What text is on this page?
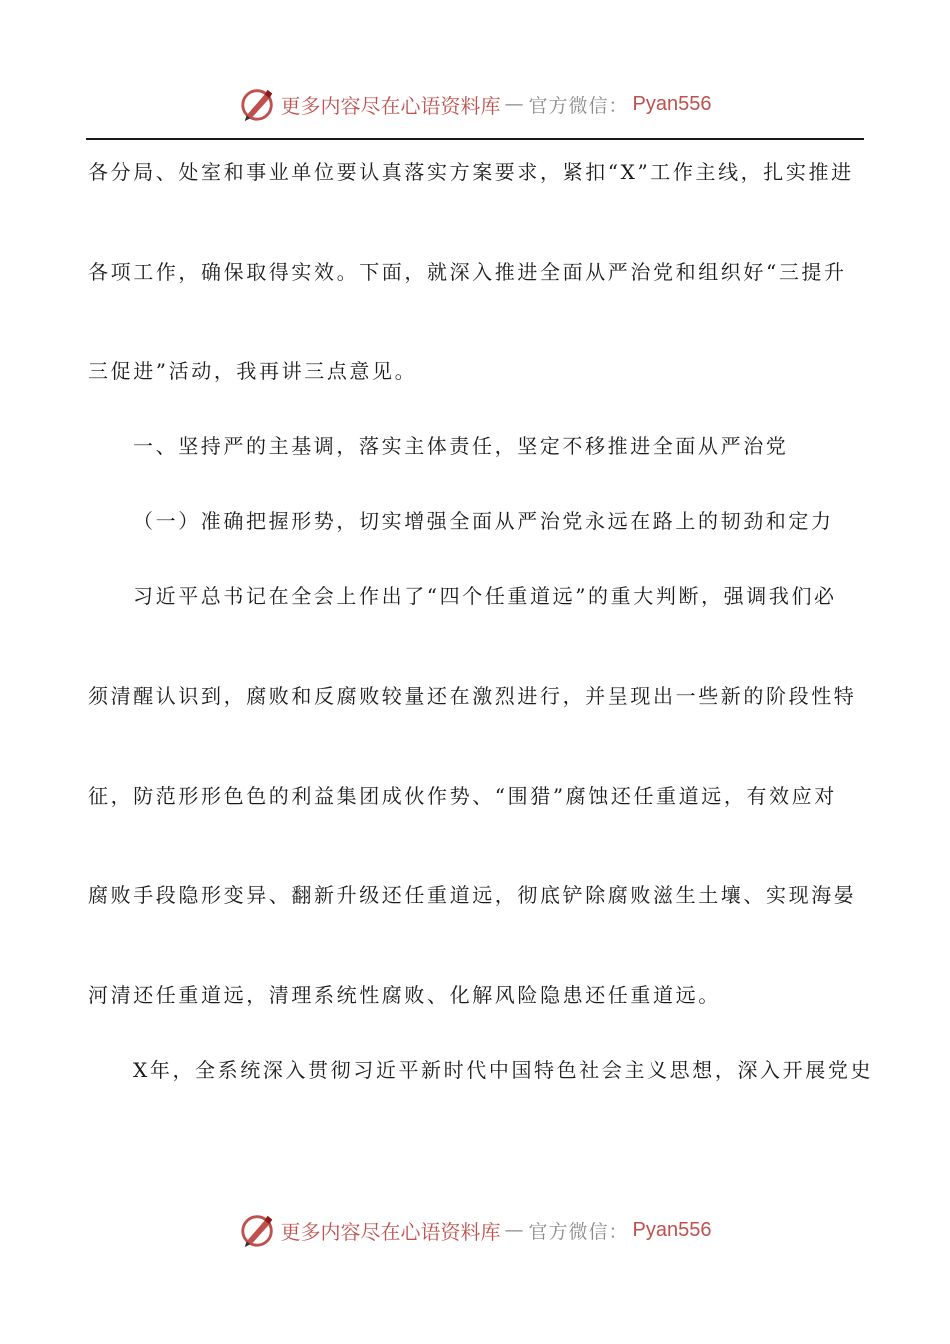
更多内容尽在心语资料库 — 官方微信： Pyan556
各分局、处室和事业单位要认真落实方案要求，紧扣“X”工作主线，扎实推进
各项工作，确保取得实效。下面，就深入推进全面从严治党和组织好“三提升
三促进”活动，我再讲三点意见。
一、坚持严的主基调，落实主体责任，坚定不移推进全面从严治党
（一）准确把握形势，切实增强全面从严治党永远在路上的韧劲和定力
习近平总书记在全会上作出了“四个任重道远”的重大判断，强调我们必
须清醒认识到，腐败和反腐败较量还在激烈进行，并呈现出一些新的阶段性特
征，防范形形色色的利益集团成伙作势、“围猎”腐蚀还任重道远，有效应对
腐败手段隐形变异、翻新升级还任重道远，彻底铲除腐败滋生土壤、实现海晏
河清还任重道远，清理系统性腐败、化解风险隐患还任重道远。
X年，全系统深入贯彻习近平新时代中国特色社会主义思想，深入开展党史
更多内容尽在心语资料库 — 官方微信： Pyan556
